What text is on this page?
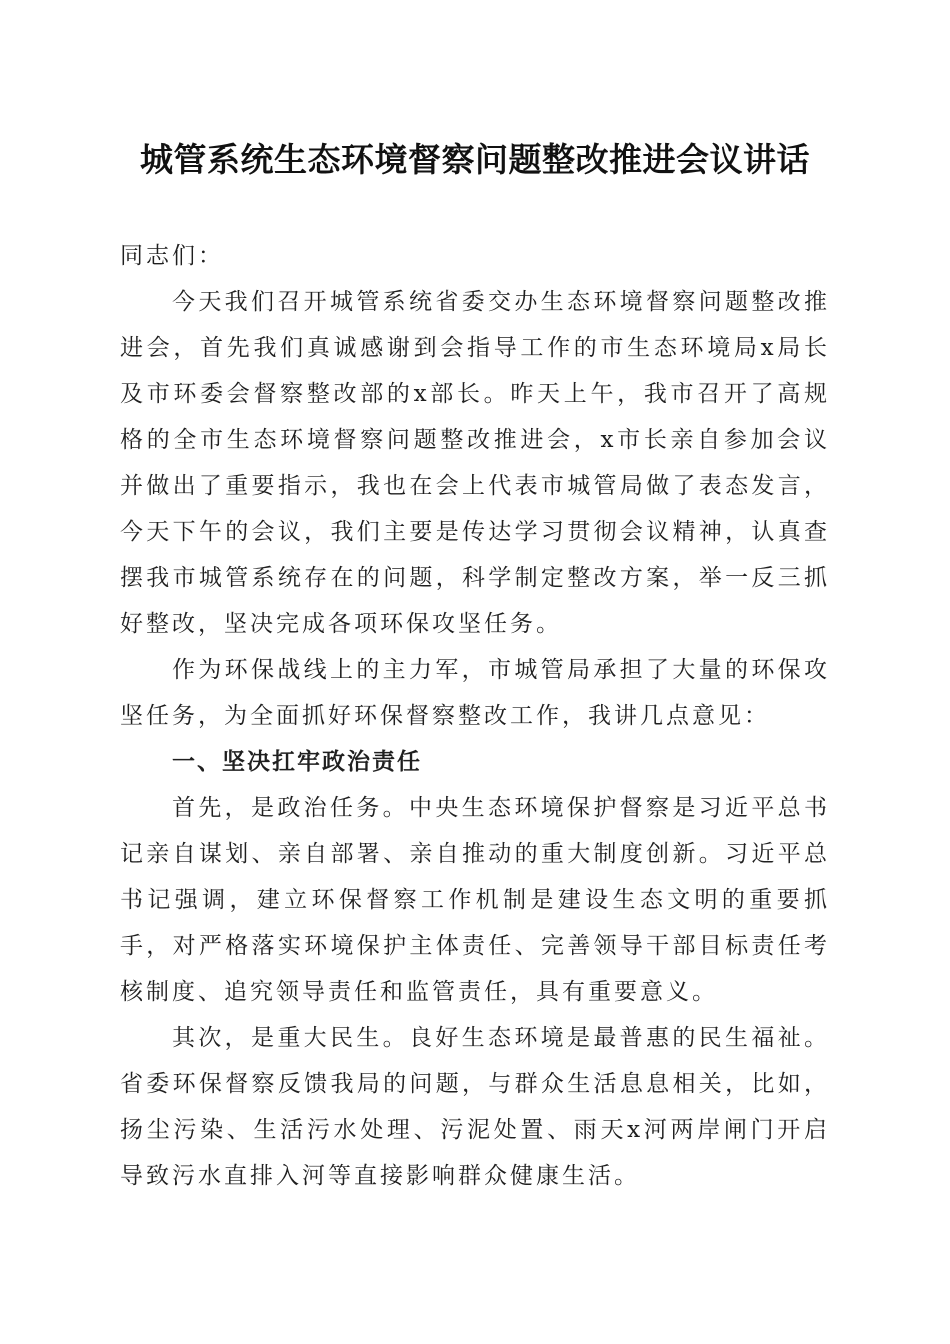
城管系统生态环境督察问题整改推进会议讲话

同志们：

今天我们召开城管系统省委交办生态环境督察问题整改推进会，首先我们真诚感谢到会指导工作的市生态环境局x局长及市环委会督察整改部的x部长。昨天上午，我市召开了高规格的全市生态环境督察问题整改推进会，x市长亲自参加会议并做出了重要指示，我也在会上代表市城管局做了表态发言，今天下午的会议，我们主要是传达学习贯彻会议精神，认真查摆我市城管系统存在的问题，科学制定整改方案，举一反三抓好整改，坚决完成各项环保攻坚任务。

作为环保战线上的主力军，市城管局承担了大量的环保攻坚任务，为全面抓好环保督察整改工作，我讲几点意见：

一、坚决扛牢政治责任

首先，是政治任务。中央生态环境保护督察是习近平总书记亲自谋划、亲自部署、亲自推动的重大制度创新。习近平总书记强调，建立环保督察工作机制是建设生态文明的重要抓手，对严格落实环境保护主体责任、完善领导干部目标责任考核制度、追究领导责任和监管责任，具有重要意义。

其次，是重大民生。良好生态环境是最普惠的民生福祉。省委环保督察反馈我局的问题，与群众生活息息相关，比如，扬尘污染、生活污水处理、污泥处置、雨天x河两岸闸门开启导致污水直排入河等直接影响群众健康生活。
